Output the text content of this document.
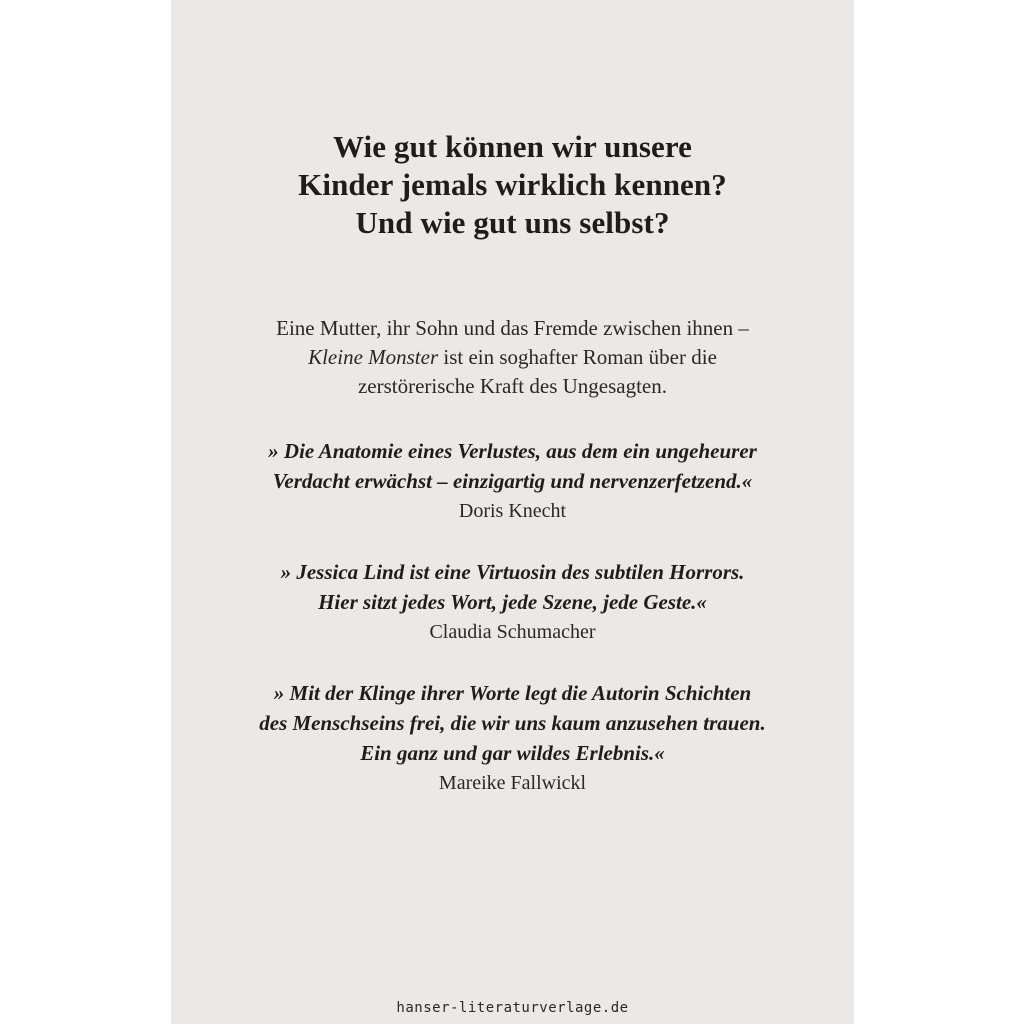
Wie gut können wir unsere
Kinder jemals wirklich kennen?
Und wie gut uns selbst?
Eine Mutter, ihr Sohn und das Fremde zwischen ihnen –
Kleine Monster ist ein soghafter Roman über die
zerstörerische Kraft des Ungesagten.
» Die Anatomie eines Verlustes, aus dem ein ungeheurer
Verdacht erwächst – einzigartig und nervenzerfetzend.«
Doris Knecht
» Jessica Lind ist eine Virtuosin des subtilen Horrors.
Hier sitzt jedes Wort, jede Szene, jede Geste.«
Claudia Schumacher
» Mit der Klinge ihrer Worte legt die Autorin Schichten
des Menschseins frei, die wir uns kaum anzusehen trauen.
Ein ganz und gar wildes Erlebnis.«
Mareike Fallwickl
hanser-literaturverlage.de
